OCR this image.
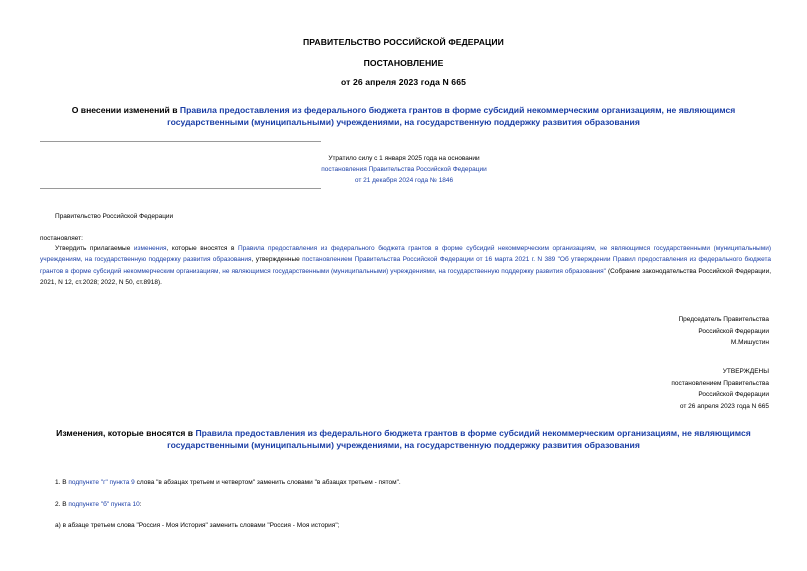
ПРАВИТЕЛЬСТВО РОССИЙСКОЙ ФЕДЕРАЦИИ
ПОСТАНОВЛЕНИЕ
от 26 апреля 2023 года N 665
О внесении изменений в Правила предоставления из федерального бюджета грантов в форме субсидий некоммерческим организациям, не являющимся государственными (муниципальными) учреждениями, на государственную поддержку развития образования
Утратило силу с 1 января 2025 года на основании
постановления Правительства Российской Федерации
от 21 декабря 2024 года № 1846
Правительство Российской Федерации
постановляет:
Утвердить прилагаемые изменения, которые вносятся в Правила предоставления из федерального бюджета грантов в форме субсидий некоммерческим организациям, не являющимся государственными (муниципальными) учреждениям, на государственную поддержку развития образования, утвержденные постановлением Правительства Российской Федерации от 16 марта 2021 г. N 389 "Об утверждении Правил предоставления из федерального бюджета грантов в форме субсидий некоммерческим организациям, не являющимся государственными (муниципальными) учреждениями, на государственную поддержку развития образования" (Собрание законодательства Российской Федерации, 2021, N 12, ст.2028; 2022, N 50, ст.8918).
Председатель Правительства
Российской Федерации
М.Мишустин
УТВЕРЖДЕНЫ
постановлением Правительства
Российской Федерации
от 26 апреля 2023 года N 665
Изменения, которые вносятся в Правила предоставления из федерального бюджета грантов в форме субсидий некоммерческим организациям, не являющимся государственными (муниципальными) учреждениями, на государственную поддержку развития образования
1. В подпункте "г" пункта 9 слова "в абзацах третьем и четвертом" заменить словами "в абзацах третьем - пятом".
2. В подпункте "б" пункта 10:
а) в абзаце третьем слова "Россия - Моя История" заменить словами "Россия - Моя история";
